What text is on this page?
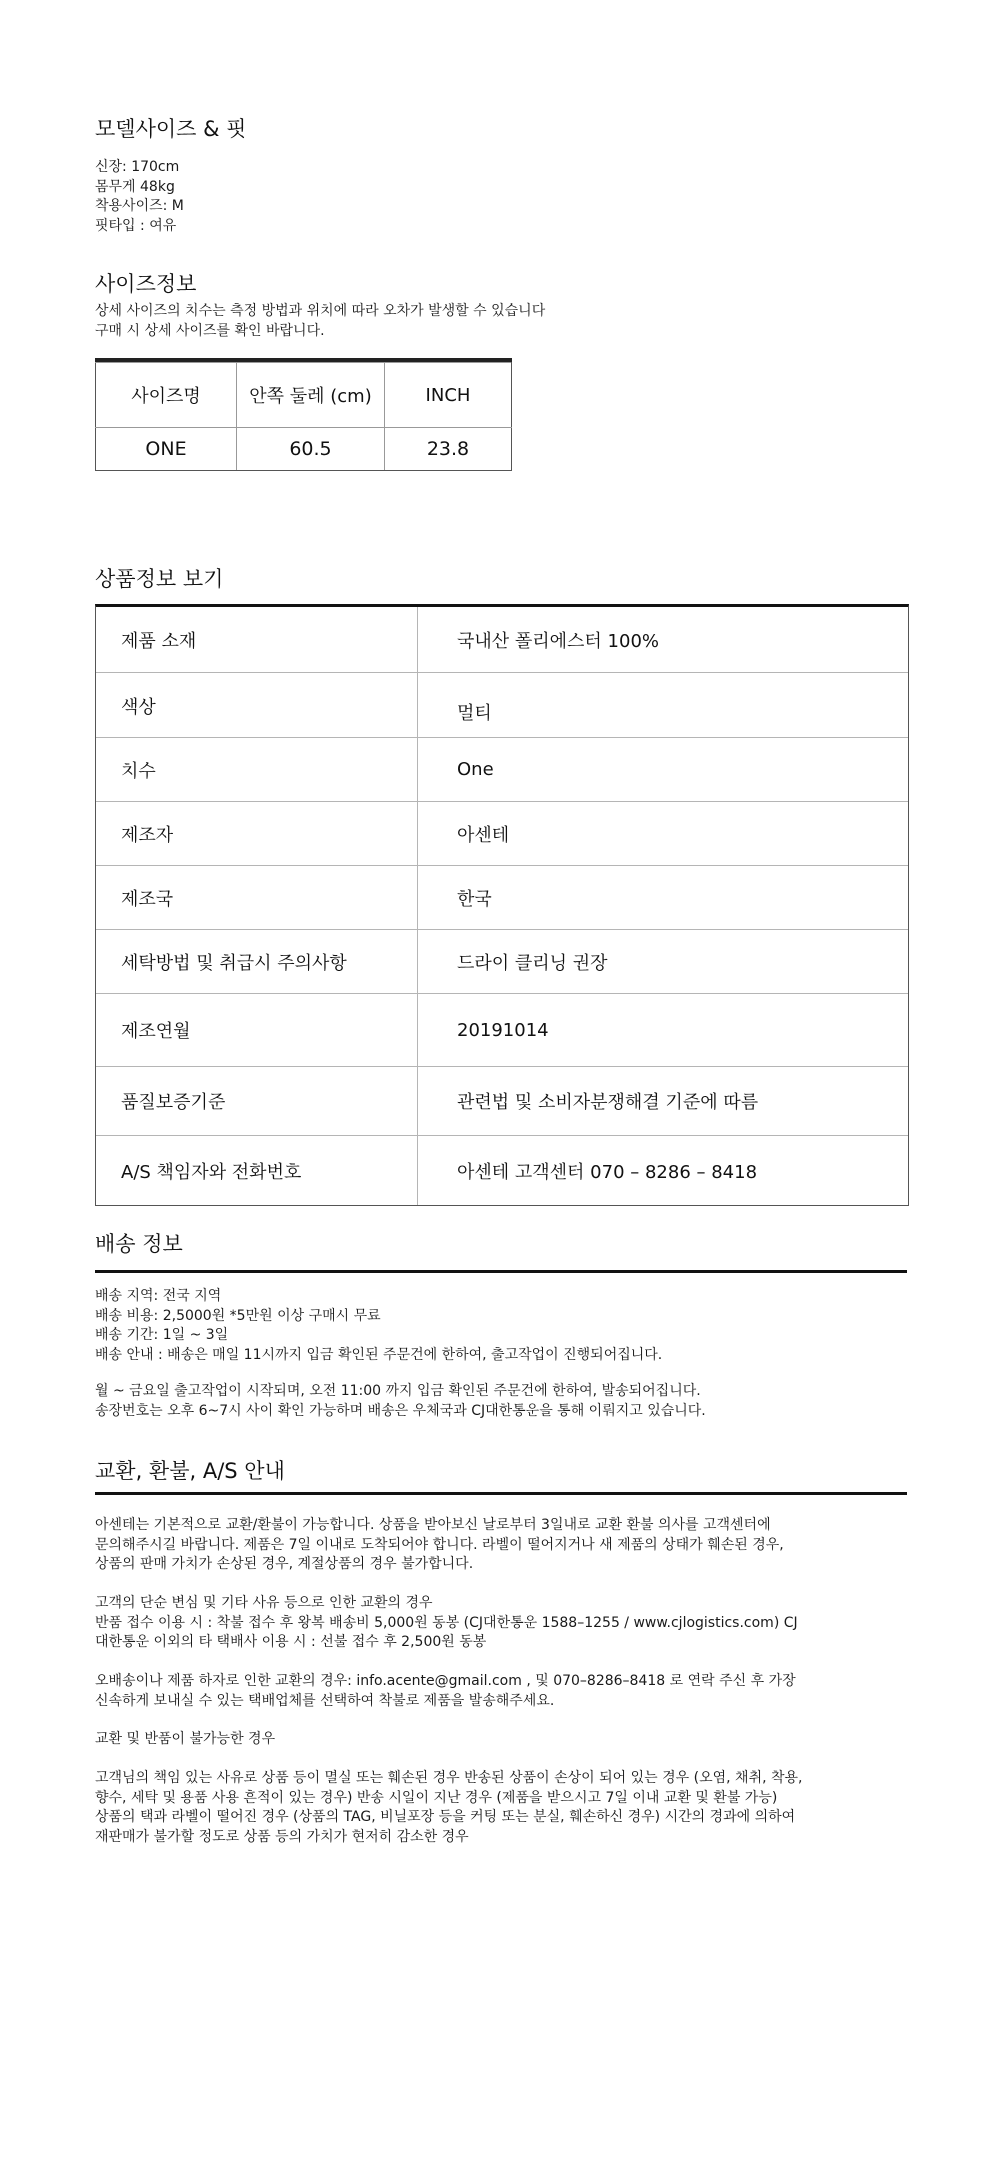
모델사이즈 & 핏
신장: 170cm
몸무게 48kg
착용사이즈: M
핏타입 : 여유
사이즈정보
상세 사이즈의 치수는 측정 방법과 위치에 따라 오차가 발생할 수 있습니다
구매 시 상세 사이즈를 확인 바랍니다.
사이즈명	안쪽 둘레 (cm)	INCH
ONE	60.5	23.8
상품정보 보기
제품 소재	국내산 폴리에스터 100%
색상	멀티
치수	One
제조자	아센테
제조국	한국
세탁방법 및 취급시 주의사항	드라이 클리닝 권장
제조연월	20191014
품질보증기준	관련법 및 소비자분쟁해결 기준에 따름
A/S 책임자와 전화번호	아센테 고객센터 070 – 8286 – 8418
배송 정보
배송 지역: 전국 지역
배송 비용: 2,5000원 *5만원 이상 구매시 무료
배송 기간: 1일 ~ 3일
배송 안내 : 배송은 매일 11시까지 입금 확인된 주문건에 한하여, 출고작업이 진행되어집니다.
월 ~ 금요일 출고작업이 시작되며, 오전 11:00 까지 입금 확인된 주문건에 한하여, 발송되어집니다.
송장번호는 오후 6~7시 사이 확인 가능하며 배송은 우체국과 CJ대한통운을 통해 이뤄지고 있습니다.
교환, 환불, A/S 안내
아센테는 기본적으로 교환/환불이 가능합니다. 상품을 받아보신 날로부터 3일내로 교환 환불 의사를 고객센터에
문의해주시길 바랍니다. 제품은 7일 이내로 도착되어야 합니다. 라벨이 떨어지거나 새 제품의 상태가 훼손된 경우,
상품의 판매 가치가 손상된 경우, 계절상품의 경우 불가합니다.
고객의 단순 변심 및 기타 사유 등으로 인한 교환의 경우
반품 접수 이용 시 : 착불 접수 후 왕복 배송비 5,000원 동봉 (CJ대한통운 1588–1255 / www.cjlogistics.com) CJ
대한통운 이외의 타 택배사 이용 시 : 선불 접수 후 2,500원 동봉
오배송이나 제품 하자로 인한 교환의 경우: info.acente@gmail.com , 및 070–8286–8418 로 연락 주신 후 가장
신속하게 보내실 수 있는 택배업체를 선택하여 착불로 제품을 발송해주세요.
교환 및 반품이 불가능한 경우
고객님의 책임 있는 사유로 상품 등이 멸실 또는 훼손된 경우 반송된 상품이 손상이 되어 있는 경우 (오염, 채취, 착용,
향수, 세탁 및 용품 사용 흔적이 있는 경우) 반송 시일이 지난 경우 (제품을 받으시고 7일 이내 교환 및 환불 가능)
상품의 택과 라벨이 떨어진 경우 (상품의 TAG, 비닐포장 등을 커팅 또는 분실, 훼손하신 경우) 시간의 경과에 의하여
재판매가 불가할 정도로 상품 등의 가치가 현저히 감소한 경우
